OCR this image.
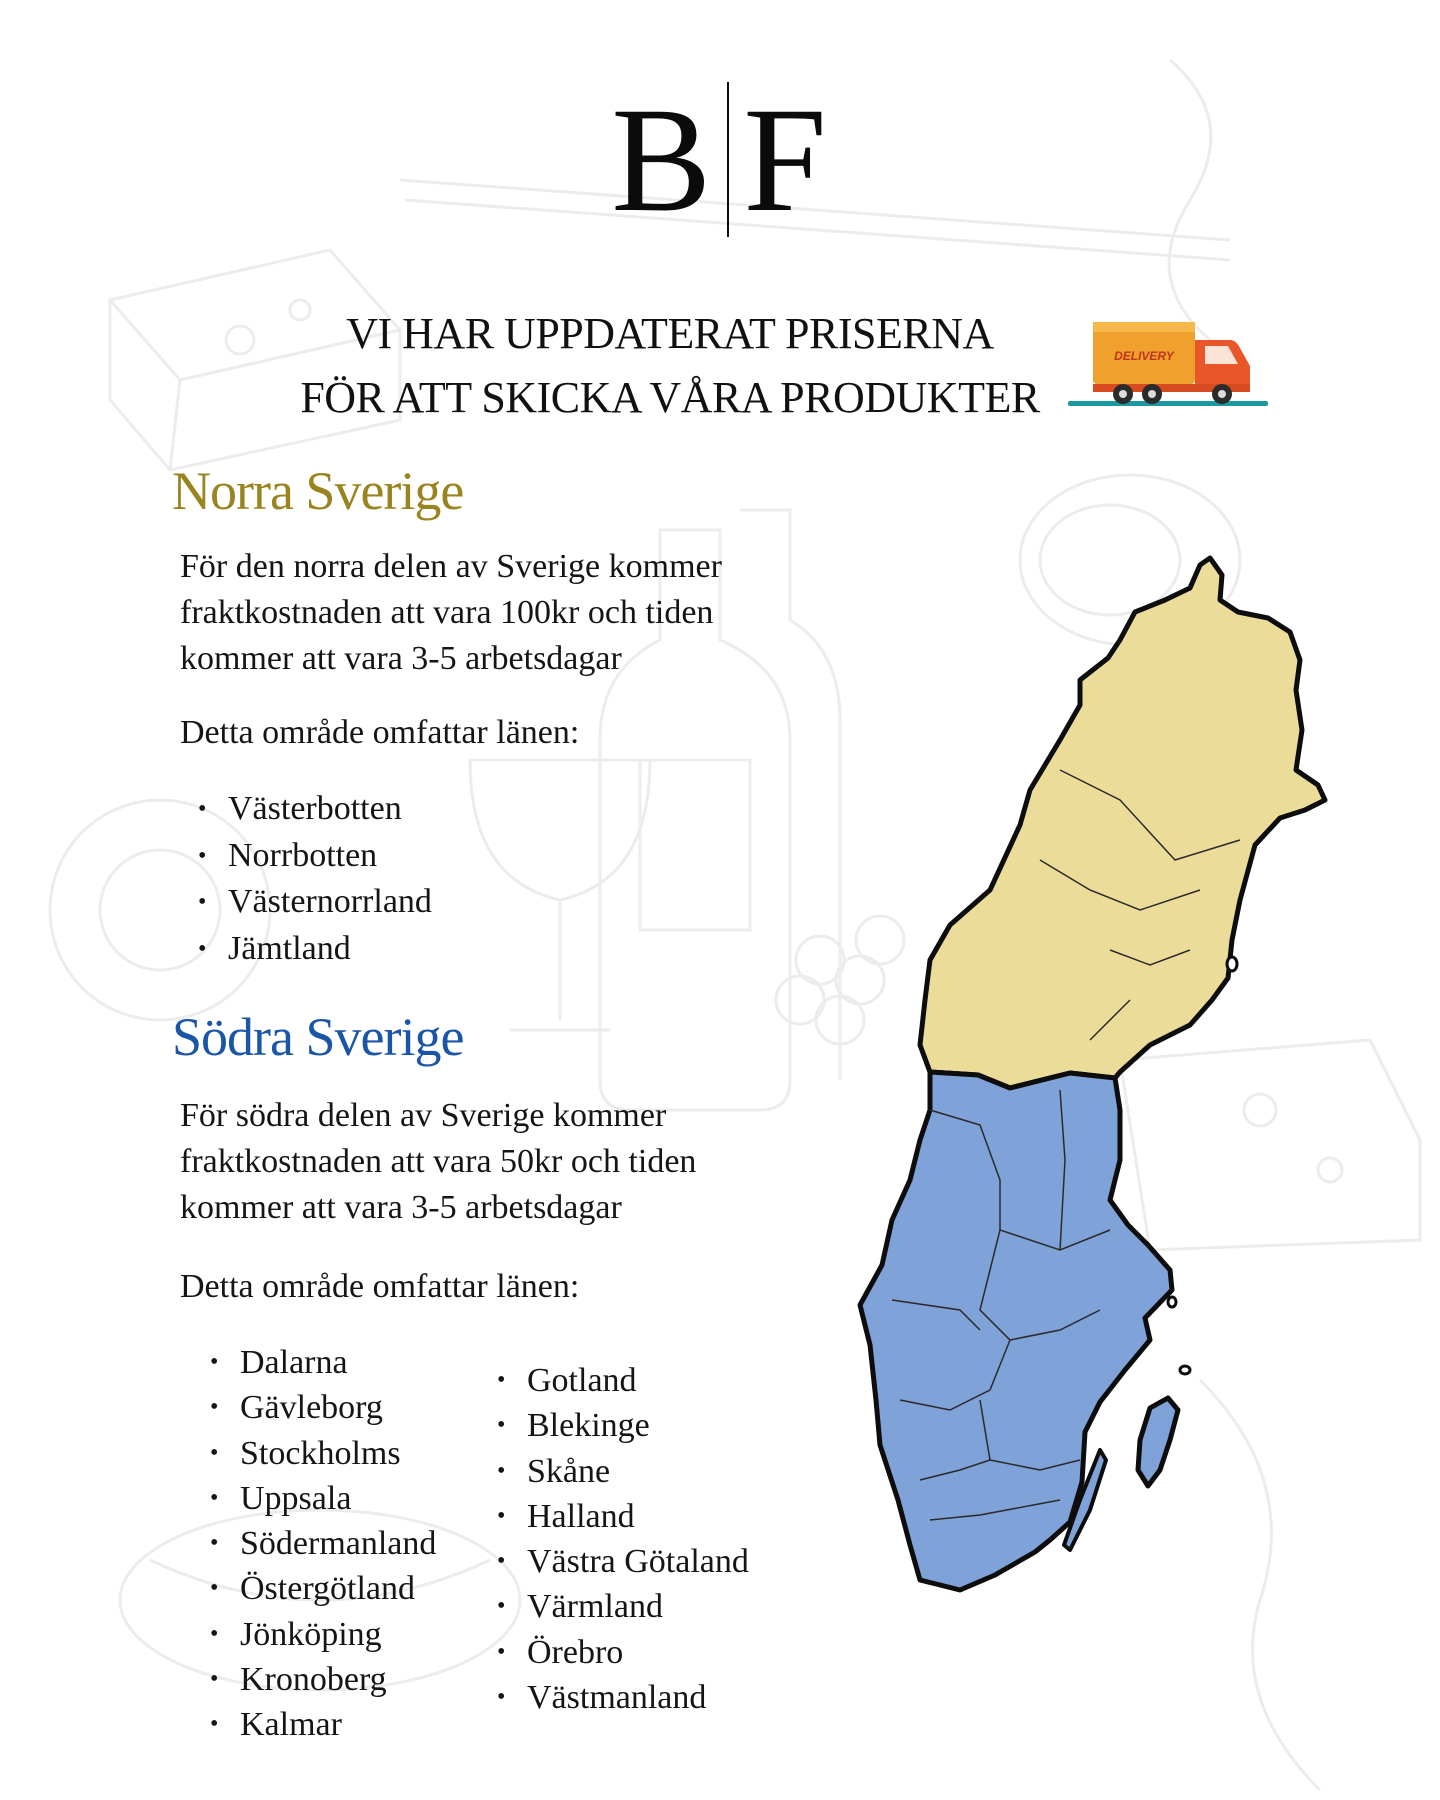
B F
VI HAR UPPDATERAT PRISERNA
FÖR ATT SKICKA VÅRA PRODUKTER
DELIVERY
Norra Sverige
För den norra delen av Sverige kommer
fraktkostnaden att vara 100kr och tiden
kommer att vara 3-5 arbetsdagar
Detta område omfattar länen:
• Västerbotten
• Norrbotten
• Västernorrland
• Jämtland
Södra Sverige
För södra delen av Sverige kommer
fraktkostnaden att vara 50kr och tiden
kommer att vara 3-5 arbetsdagar
Detta område omfattar länen:
• Dalarna
• Gävleborg
• Stockholms
• Uppsala
• Södermanland
• Östergötland
• Jönköping
• Kronoberg
• Kalmar
• Gotland
• Blekinge
• Skåne
• Halland
• Västra Götaland
• Värmland
• Örebro
• Västmanland
